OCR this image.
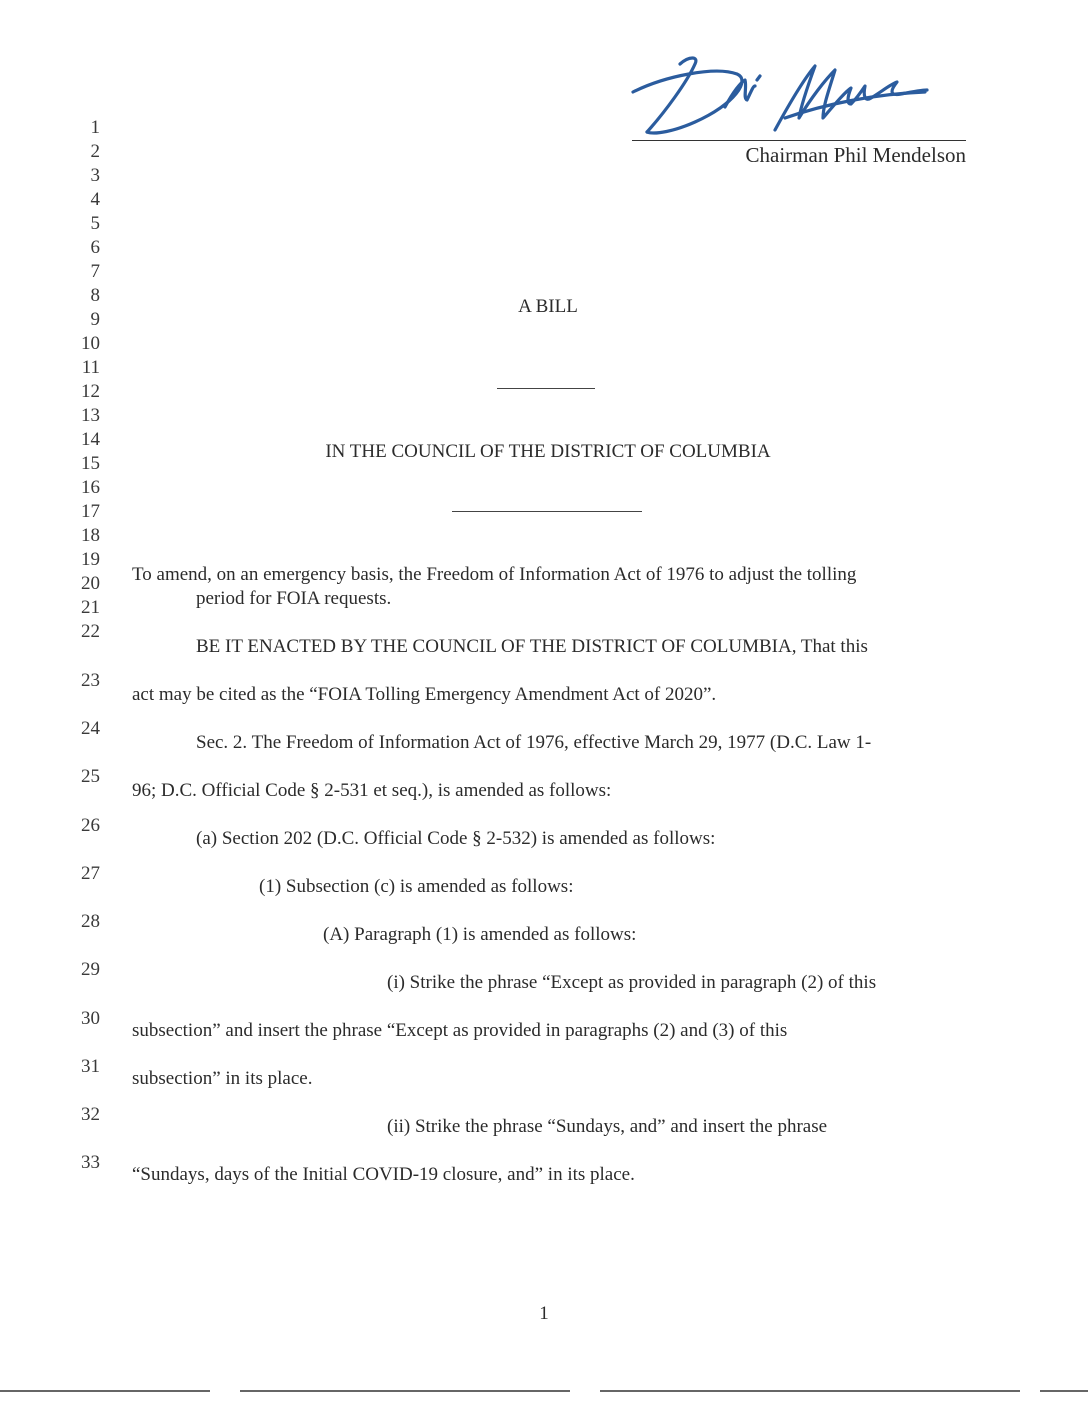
Chairman Phil Mendelson
1
2
3
4
5
6
7
8
9
10
11
12
13
14
15
16
17
18
19
20
21
22
23
24
25
26
27
28
29
30
31
32
33
A BILL
IN THE COUNCIL OF THE DISTRICT OF COLUMBIA
To amend, on an emergency basis, the Freedom of Information Act of 1976 to adjust the tolling
period for FOIA requests.
BE IT ENACTED BY THE COUNCIL OF THE DISTRICT OF COLUMBIA, That this
act may be cited as the “FOIA Tolling Emergency Amendment Act of 2020”.
Sec. 2. The Freedom of Information Act of 1976, effective March 29, 1977 (D.C. Law 1-
96; D.C. Official Code § 2-531 et seq.), is amended as follows:
(a) Section 202 (D.C. Official Code § 2-532) is amended as follows:
(1) Subsection (c) is amended as follows:
(A) Paragraph (1) is amended as follows:
(i) Strike the phrase “Except as provided in paragraph (2) of this
subsection” and insert the phrase “Except as provided in paragraphs (2) and (3) of this
subsection” in its place.
(ii) Strike the phrase “Sundays, and” and insert the phrase
“Sundays, days of the Initial COVID-19 closure, and” in its place.
1
